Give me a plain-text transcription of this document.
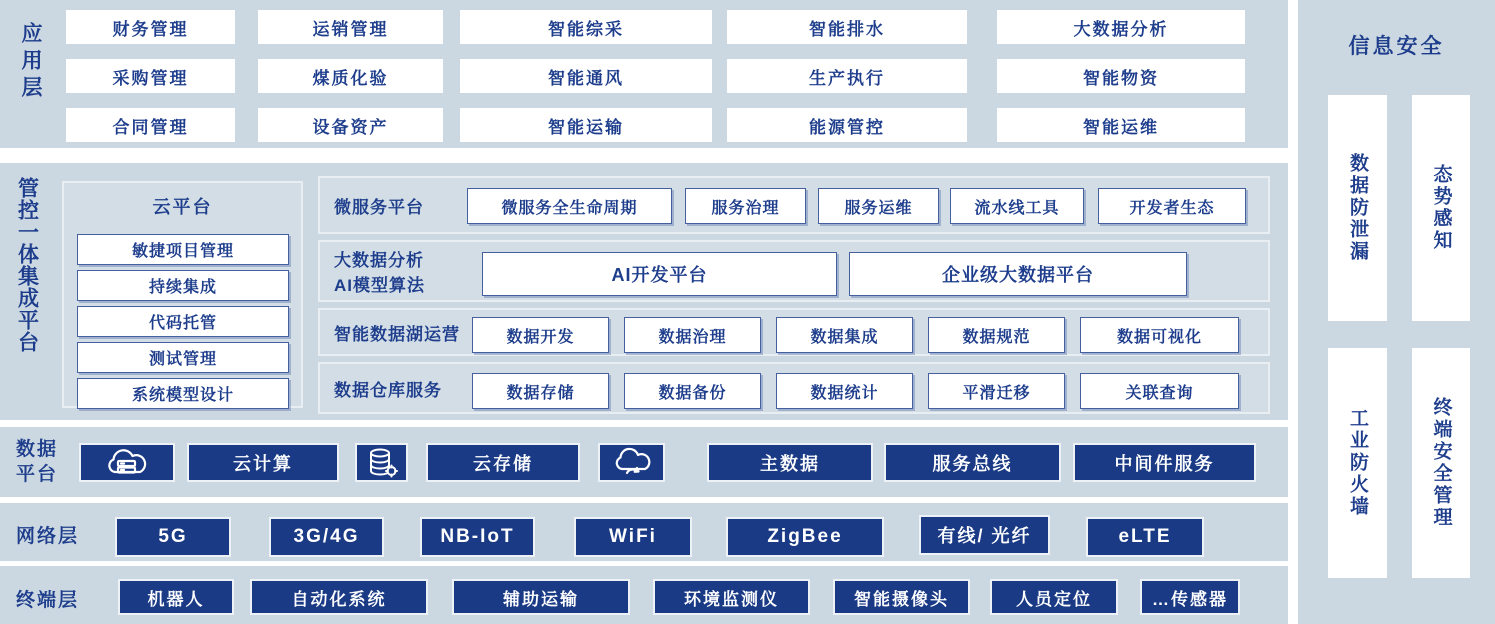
应用层	财务管理	运销管理	智能综采	智能排水	大数据分析
采购管理	煤质化验	智能通风	生产执行	智能物资
合同管理	设备资产	智能运输	能源管控	智能运维
管控一体集成平台	云平台
敏捷项目管理
持续集成
代码托管
测试管理
系统模型设计
微服务平台	微服务全生命周期	服务治理	服务运维	流水线工具	开发者生态
大数据分析
AI模型算法
AI开发平台	企业级大数据平台
智能数据湖运营	数据开发	数据治理	数据集成	数据规范	数据可视化
数据仓库服务	数据存储	数据备份	数据统计	平滑迁移	关联查询
数据
平台
云计算	云存储	主数据	服务总线	中间件服务
网络层	5G	3G/4G	NB-IoT	WiFi	ZigBee	有线/ 光纤	eLTE
终端层	机器人	自动化系统	辅助运输	环境监测仪	智能摄像头	人员定位	…传感器
信息安全
数据防泄漏	态势感知
工业防火墙	终端安全管理
